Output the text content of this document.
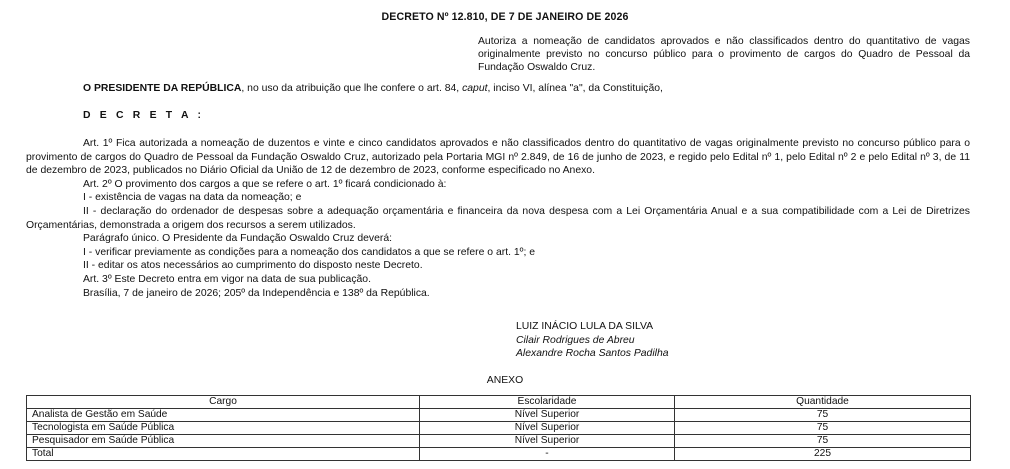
DECRETO Nº 12.810, DE 7 DE JANEIRO DE 2026
Autoriza a nomeação de candidatos aprovados e não classificados dentro do quantitativo de vagas originalmente previsto no concurso público para o provimento de cargos do Quadro de Pessoal da Fundação Oswaldo Cruz.
O PRESIDENTE DA REPÚBLICA, no uso da atribuição que lhe confere o art. 84, caput, inciso VI, alínea "a", da Constituição,
D E C R E T A :

Art. 1º Fica autorizada a nomeação de duzentos e vinte e cinco candidatos aprovados e não classificados dentro do quantitativo de vagas originalmente previsto no concurso público para o provimento de cargos do Quadro de Pessoal da Fundação Oswaldo Cruz, autorizado pela Portaria MGI nº 2.849, de 16 de junho de 2023, e regido pelo Edital nº 1, pelo Edital nº 2 e pelo Edital nº 3, de 11 de dezembro de 2023, publicados no Diário Oficial da União de 12 de dezembro de 2023, conforme especificado no Anexo.

Art. 2º O provimento dos cargos a que se refere o art. 1º ficará condicionado à:

I - existência de vagas na data da nomeação; e

II - declaração do ordenador de despesas sobre a adequação orçamentária e financeira da nova despesa com a Lei Orçamentária Anual e a sua compatibilidade com a Lei de Diretrizes Orçamentárias, demonstrada a origem dos recursos a serem utilizados.

Parágrafo único. O Presidente da Fundação Oswaldo Cruz deverá:

I - verificar previamente as condições para a nomeação dos candidatos a que se refere o art. 1º; e

II - editar os atos necessários ao cumprimento do disposto neste Decreto.

Art. 3º Este Decreto entra em vigor na data de sua publicação.

Brasília, 7 de janeiro de 2026; 205º da Independência e 138º da República.

LUIZ INÁCIO LULA DA SILVA
Cilair Rodrigues de Abreu
Alexandre Rocha Santos Padilha
ANEXO
Cargo	Escolaridade	Quantidade
Analista de Gestão em Saúde	Nível Superior	75
Tecnologista em Saúde Pública	Nível Superior	75
Pesquisador em Saúde Pública	Nível Superior	75
Total	-	225
